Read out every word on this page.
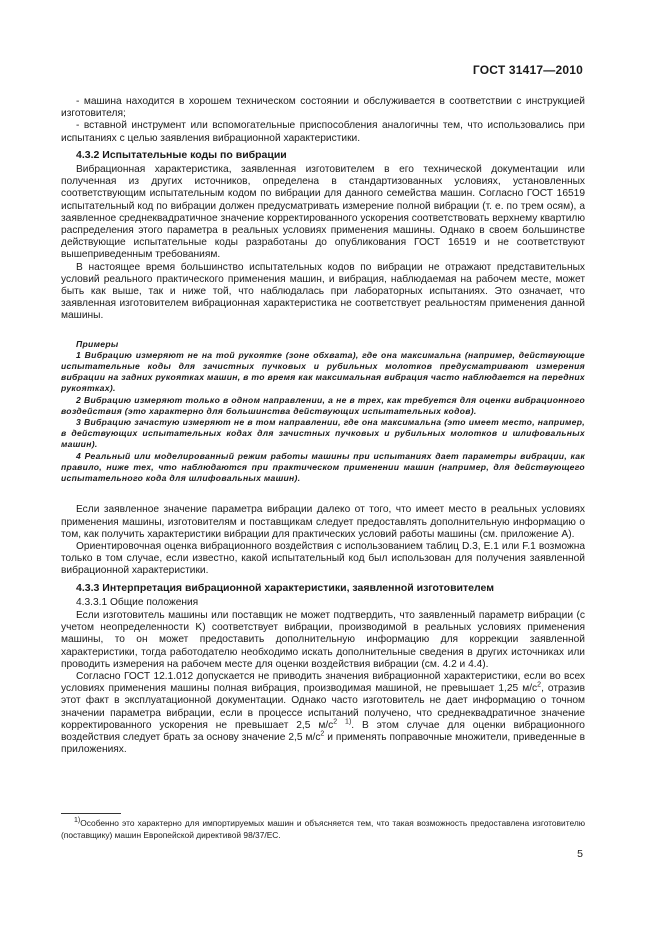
ГОСТ 31417—2010

- машина находится в хорошем техническом состоянии и обслуживается в соответствии с инструкцией изготовителя;

- вставной инструмент или вспомогательные приспособления аналогичны тем, что использовались при испытаниях с целью заявления вибрационной характеристики.

4.3.2 Испытательные коды по вибрации

Вибрационная характеристика, заявленная изготовителем в его технической документации или полученная из других источников, определена в стандартизованных условиях, установленных соответствующим испытательным кодом по вибрации для данного семейства машин. Согласно ГОСТ 16519 испытательный код по вибрации должен предусматривать измерение полной вибрации (т. е. по трем осям), а заявленное среднеквадратичное значение корректированного ускорения соответствовать верхнему квартилю распределения этого параметра в реальных условиях применения машины. Однако в своем большинстве действующие испытательные коды разработаны до опубликования ГОСТ 16519 и не соответствуют вышеприведенным требованиям.

В настоящее время большинство испытательных кодов по вибрации не отражают представительных условий реального практического применения машин, и вибрация, наблюдаемая на рабочем месте, может быть как выше, так и ниже той, что наблюдалась при лабораторных испытаниях. Это означает, что заявленная изготовителем вибрационная характеристика не соответствует реальностям применения данной машины.

Примеры

1 Вибрацию измеряют не на той рукоятке (зоне обхвата), где она максимальна (например, действующие испытательные коды для зачистных пучковых и рубильных молотков предусматривают измерения вибрации на задних рукоятках машин, в то время как максимальная вибрация часто наблюдается на передних рукоятках).

2 Вибрацию измеряют только в одном направлении, а не в трех, как требуется для оценки вибрационного воздействия (это характерно для большинства действующих испытательных кодов).

3 Вибрацию зачастую измеряют не в том направлении, где она максимальна (это имеет место, например, в действующих испытательных кодах для зачистных пучковых и рубильных молотков и шлифовальных машин).

4 Реальный или моделированный режим работы машины при испытаниях дает параметры вибрации, как правило, ниже тех, что наблюдаются при практическом применении машин (например, для действующего испытательного кода для шлифовальных машин).

Если заявленное значение параметра вибрации далеко от того, что имеет место в реальных условиях применения машины, изготовителям и поставщикам следует предоставлять дополнительную информацию о том, как получить характеристики вибрации для практических условий работы машины (см. приложение А).

Ориентировочная оценка вибрационного воздействия с использованием таблиц D.3, E.1 или F.1 возможна только в том случае, если известно, какой испытательный код был использован для получения заявленной вибрационной характеристики.

4.3.3 Интерпретация вибрационной характеристики, заявленной изготовителем

4.3.3.1 Общие положения

Если изготовитель машины или поставщик не может подтвердить, что заявленный параметр вибрации (с учетом неопределенности K) соответствует вибрации, производимой в реальных условиях применения машины, то он может предоставить дополнительную информацию для коррекции заявленной характеристики, тогда работодателю необходимо искать дополнительные сведения в других источниках или проводить измерения на рабочем месте для оценки воздействия вибрации (см. 4.2 и 4.4).

Согласно ГОСТ 12.1.012 допускается не приводить значения вибрационной характеристики, если во всех условиях применения машины полная вибрация, производимая машиной, не превышает 1,25 $м/с^2$, отразив этот факт в эксплуатационной документации. Однако часто изготовитель не дает информацию о точном значении параметра вибрации, если в процессе испытаний получено, что среднеквадратичное значение корректированного ускорения не превышает 2,5 $м/с^2$ $^{1)}$. В этом случае для оценки вибрационного воздействия следует брать за основу значение 2,5 $м/с^2$ и применять поправочные множители, приведенные в приложениях.

$^{1)}$Особенно это характерно для импортируемых машин и объясняется тем, что такая возможность предоставлена изготовителю (поставщику) машин Европейской директивой 98/37/ЕС.

5
